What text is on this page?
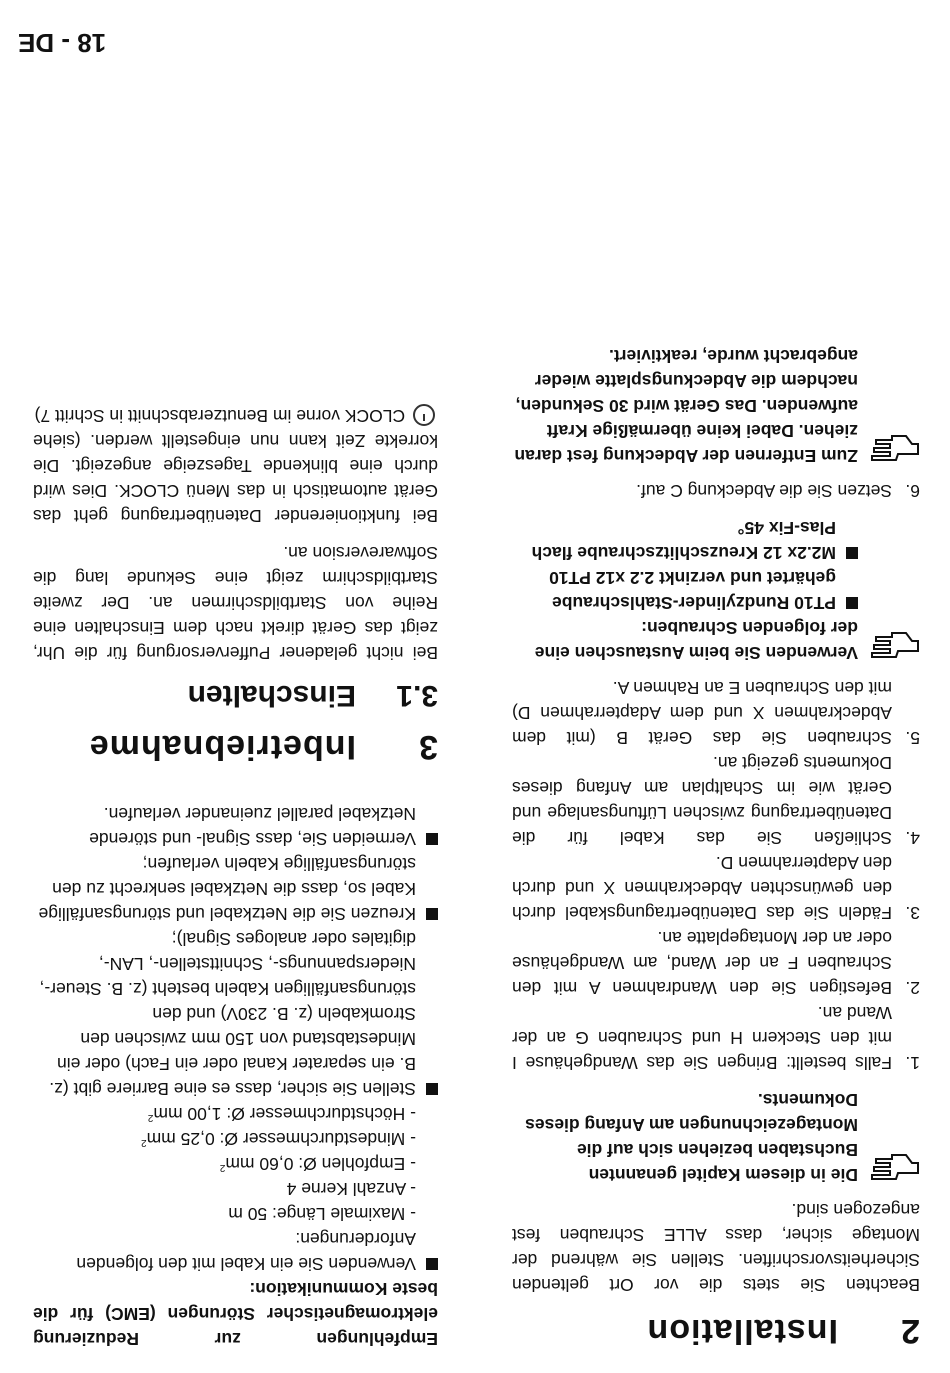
2
Installation

Beachten Sie stets die vor Ort geltenden Sicherheitsvorschriften. Stellen Sie während der Montage sicher, dass ALLE Schrauben fest angezogen sind.

Die in diesem Kapitel genannten Buchstaben beziehen sich auf die Montagezeichnungen am Anfang dieses Dokuments.
1.
Falls bestellt: Bringen Sie das Wandgehäuse I mit den Steckern H und Schrauben G an der Wand an.
2.
Befestigen Sie den Wandrahmen A mit den Schrauben F an der Wand, am Wandgehäuse oder an der Montageplatte an.
3.
Fädeln Sie das Datenübertragungskabel durch den gewünschten Abdeckrahmen X und durch den Adapterrahmen D.
4.
Schließen Sie das Kabel für die Datenübertragung zwischen Lüftungsanlage und Gerät wie im Schaltplan am Anfang dieses Dokuments gezeigt an.
5.
Schrauben Sie das Gerät B (mit dem Abdeckrahmen X und dem Adapterrahmen D) mit den Schrauben E an Rahmen A.
Verwenden Sie beim Austauschen eine der folgenden Schrauben:
PT10 Rundzylinder-Stahlschraube gehärtet und verzinkt 2.2 x12 PT10
M2.2x 12 Kreuzschlitzschraube flach Plas-Fix 45°
6.
Setzen Sie die Abdeckung C auf.
Zum Entfernen der Abdeckung fest daran ziehen. Dabei keine übermäßige Kraft aufwenden. Das Gerät wird 30 Sekunden, nachdem die Abdeckungsplatte wieder angebracht wurde, reaktiviert.

Empfehlungen zur Reduzierung elektromagnetischer Störungen (EMC) für die beste Kommunikation:

Verwenden Sie ein Kabel mit den folgenden Anforderungen:
- Maximale Länge: 50 m
- Anzahl Kerne 4
- Empfohlen Ø: 0,60 $mm^2$
- Mindestdurchmesser Ø: 0,25 $mm^2$
- Höchstdurchmesser Ø: 1,00 $mm^2$
Stellen Sie sicher, dass es eine Barriere gibt (z. B. ein separater Kanal oder ein Fach) oder ein Mindestabstand von 150 mm zwischen den Stromkabeln (z. B. 230V) und den störungsanfälligen Kabeln besteht (z. B. Steuer-, Niederspannungs-, Schnittstellen-, LAN-, digitales oder analoges Signal);
Kreuzen Sie die Netzkabel und störungsanfällige Kabel so, dass die Netzkabel senkrecht zu den störungsanfällige Kabeln verlaufen;
Vermeiden Sie, dass Signal- und störende Netzkabel parallel zueinander verlaufen.
3
Inbetriebnahme
3.1
Einschalten

Bei nicht geladener Pufferversorgung für die Uhr, zeigt das Gerät direkt nach dem Einschalten eine Reihe von Startbildschirmen an. Der zweite Startbildschirm zeigt eine Sekunde lang die Softwareversion an.

Bei funktionierender Datenübertragung geht das Gerät automatisch in das Menü CLOCK. Dies wird durch eine blinkende Tageszeige angezeigt. Die korrekte Zeit kann nun eingestellt werden. (siehe  CLOCK vorne im Benutzerabschnitt in Schritt 7)

18 - DE
